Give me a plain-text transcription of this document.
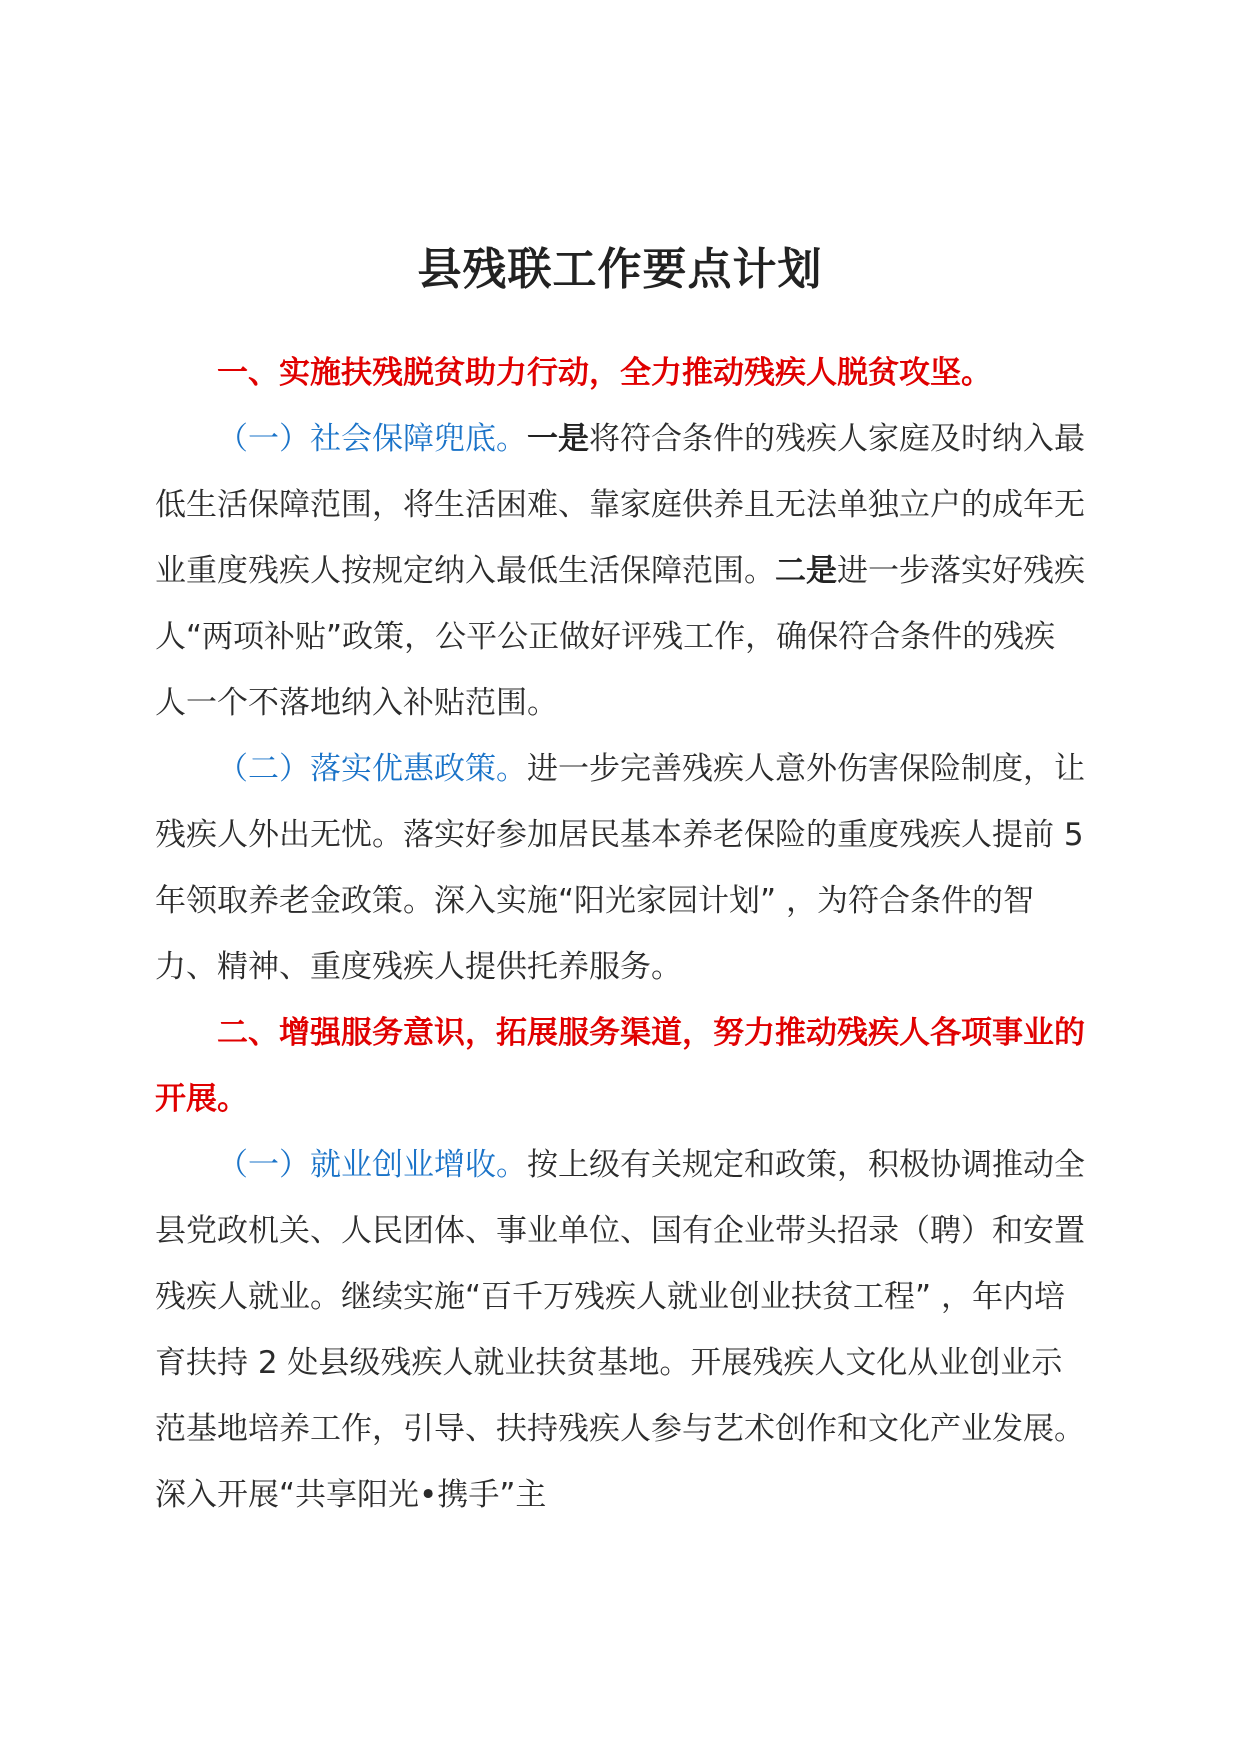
县残联工作要点计划

一、实施扶残脱贫助力行动，全力推动残疾人脱贫攻坚。

（一）社会保障兜底。一是将符合条件的残疾人家庭及时纳入最低生活保障范围，将生活困难、靠家庭供养且无法单独立户的成年无业重度残疾人按规定纳入最低生活保障范围。二是进一步落实好残疾人“两项补贴”政策，公平公正做好评残工作，确保符合条件的残疾人一个不落地纳入补贴范围。

（二）落实优惠政策。进一步完善残疾人意外伤害保险制度，让残疾人外出无忧。落实好参加居民基本养老保险的重度残疾人提前 5 年领取养老金政策。深入实施“阳光家园计划” ，为符合条件的智力、精神、重度残疾人提供托养服务。

二、增强服务意识，拓展服务渠道，努力推动残疾人各项事业的开展。

（一）就业创业增收。按上级有关规定和政策，积极协调推动全县党政机关、人民团体、事业单位、国有企业带头招录（聘）和安置残疾人就业。继续实施“百千万残疾人就业创业扶贫工程” ，年内培育扶持 2 处县级残疾人就业扶贫基地。开展残疾人文化从业创业示范基地培养工作，引导、扶持残疾人参与艺术创作和文化产业发展。深入开展“共享阳光•携手”主
